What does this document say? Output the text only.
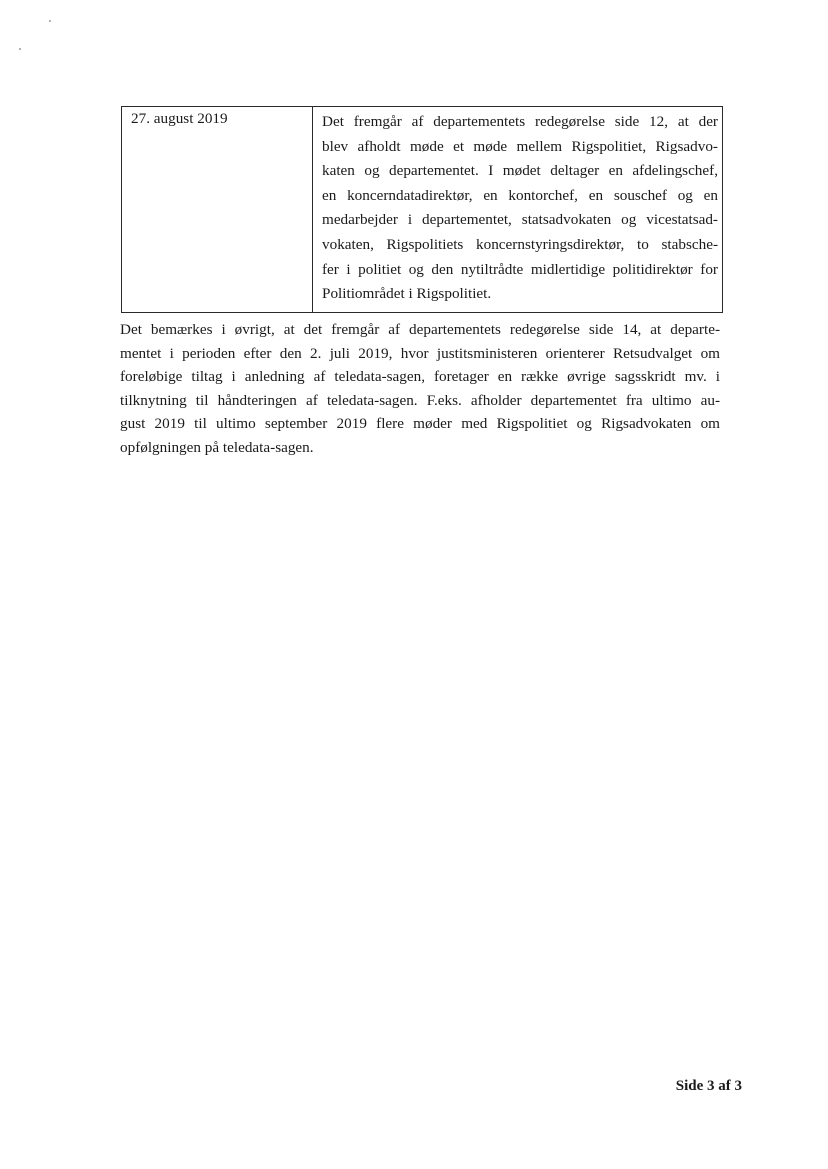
27. august 2019	Det fremgår af departementets redegørelse side 12, at der
blev afholdt møde et møde mellem Rigspolitiet, Rigsadvo-
katen og departementet. I mødet deltager en afdelingschef,
en koncerndatadirektør, en kontorchef, en souschef og en
medarbejder i departementet, statsadvokaten og vicestatsad-
vokaten, Rigspolitiets koncernstyringsdirektør, to stabsche-
fer i politiet og den nytiltrådte midlertidige politidirektør for
Politiområdet i Rigspolitiet.
Det bemærkes i øvrigt, at det fremgår af departementets redegørelse side 14, at departe-
mentet i perioden efter den 2. juli 2019, hvor justitsministeren orienterer Retsudvalget om
foreløbige tiltag i anledning af teledata-sagen, foretager en række øvrige sagsskridt mv. i
tilknytning til håndteringen af teledata-sagen. F.eks. afholder departementet fra ultimo au-
gust 2019 til ultimo september 2019 flere møder med Rigspolitiet og Rigsadvokaten om
opfølgningen på teledata-sagen.
Side 3 af 3
